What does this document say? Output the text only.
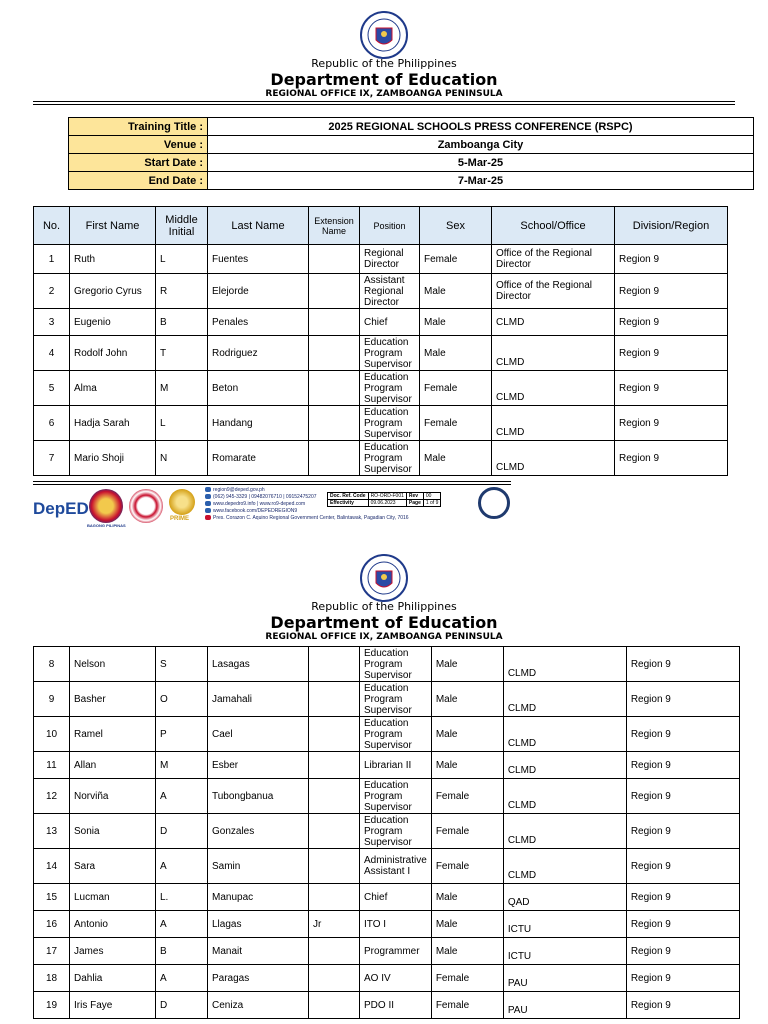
Republic of the Philippines
Department of Education
REGIONAL OFFICE IX, ZAMBOANGA PENINSULA
Training Title :	2025 REGIONAL SCHOOLS PRESS CONFERENCE (RSPC)
Venue :	Zamboanga City
Start Date :	5-Mar-25
End Date :	7-Mar-25
No.	First Name	Middle Initial	Last Name	Extension Name	Position	Sex	School/Office	Division/Region
1	Ruth	L	Fuentes		Regional Director	Female	Office of the Regional Director	Region 9
2	Gregorio Cyrus	R	Elejorde		Assistant Regional Director	Male	Office of the Regional Director	Region 9
3	Eugenio	B	Penales		Chief	Male	CLMD	Region 9
4	Rodolf John	T	Rodriguez		Education Program Supervisor	Male	CLMD	Region 9
5	Alma	M	Beton		Education Program Supervisor	Female	CLMD	Region 9
6	Hadja Sarah	L	Handang		Education Program Supervisor	Female	CLMD	Region 9
7	Mario Shoji	N	Romarate		Education Program Supervisor	Male	CLMD	Region 9
DepED
BAGONG PILIPINAS
PRIME
region9@deped.gov.ph
(062) 945-3329 | 09482076710 | 09152475207
www.depedro9.info | www.ro9-deped.com
www.facebook.com/DEPEDREGION9
Pres. Corazon C. Aquino Regional Government Center, Balintawak, Pagadian City, 7016
Doc. Ref. Code	RO-ORD-F001	Rev	00
Effectivity	09.06.2023	Page	1 of 9
Republic of the Philippines
Department of Education
REGIONAL OFFICE IX, ZAMBOANGA PENINSULA
8	Nelson	S	Lasagas		Education Program Supervisor	Male	CLMD	Region 9
9	Basher	O	Jamahali		Education Program Supervisor	Male	CLMD	Region 9
10	Ramel	P	Cael		Education Program Supervisor	Male	CLMD	Region 9
11	Allan	M	Esber		Librarian II	Male	CLMD	Region 9
12	Norviña	A	Tubongbanua		Education Program Supervisor	Female	CLMD	Region 9
13	Sonia	D	Gonzales		Education Program Supervisor	Female	CLMD	Region 9
14	Sara	A	Samin		Administrative Assistant I	Female	CLMD	Region 9
15	Lucman	L.	Manupac		Chief	Male	QAD	Region 9
16	Antonio	A	Llagas	Jr	ITO I	Male	ICTU	Region 9
17	James	B	Manait		Programmer	Male	ICTU	Region 9
18	Dahlia	A	Paragas		AO IV	Female	PAU	Region 9
19	Iris Faye	D	Ceniza		PDO II	Female	PAU	Region 9
